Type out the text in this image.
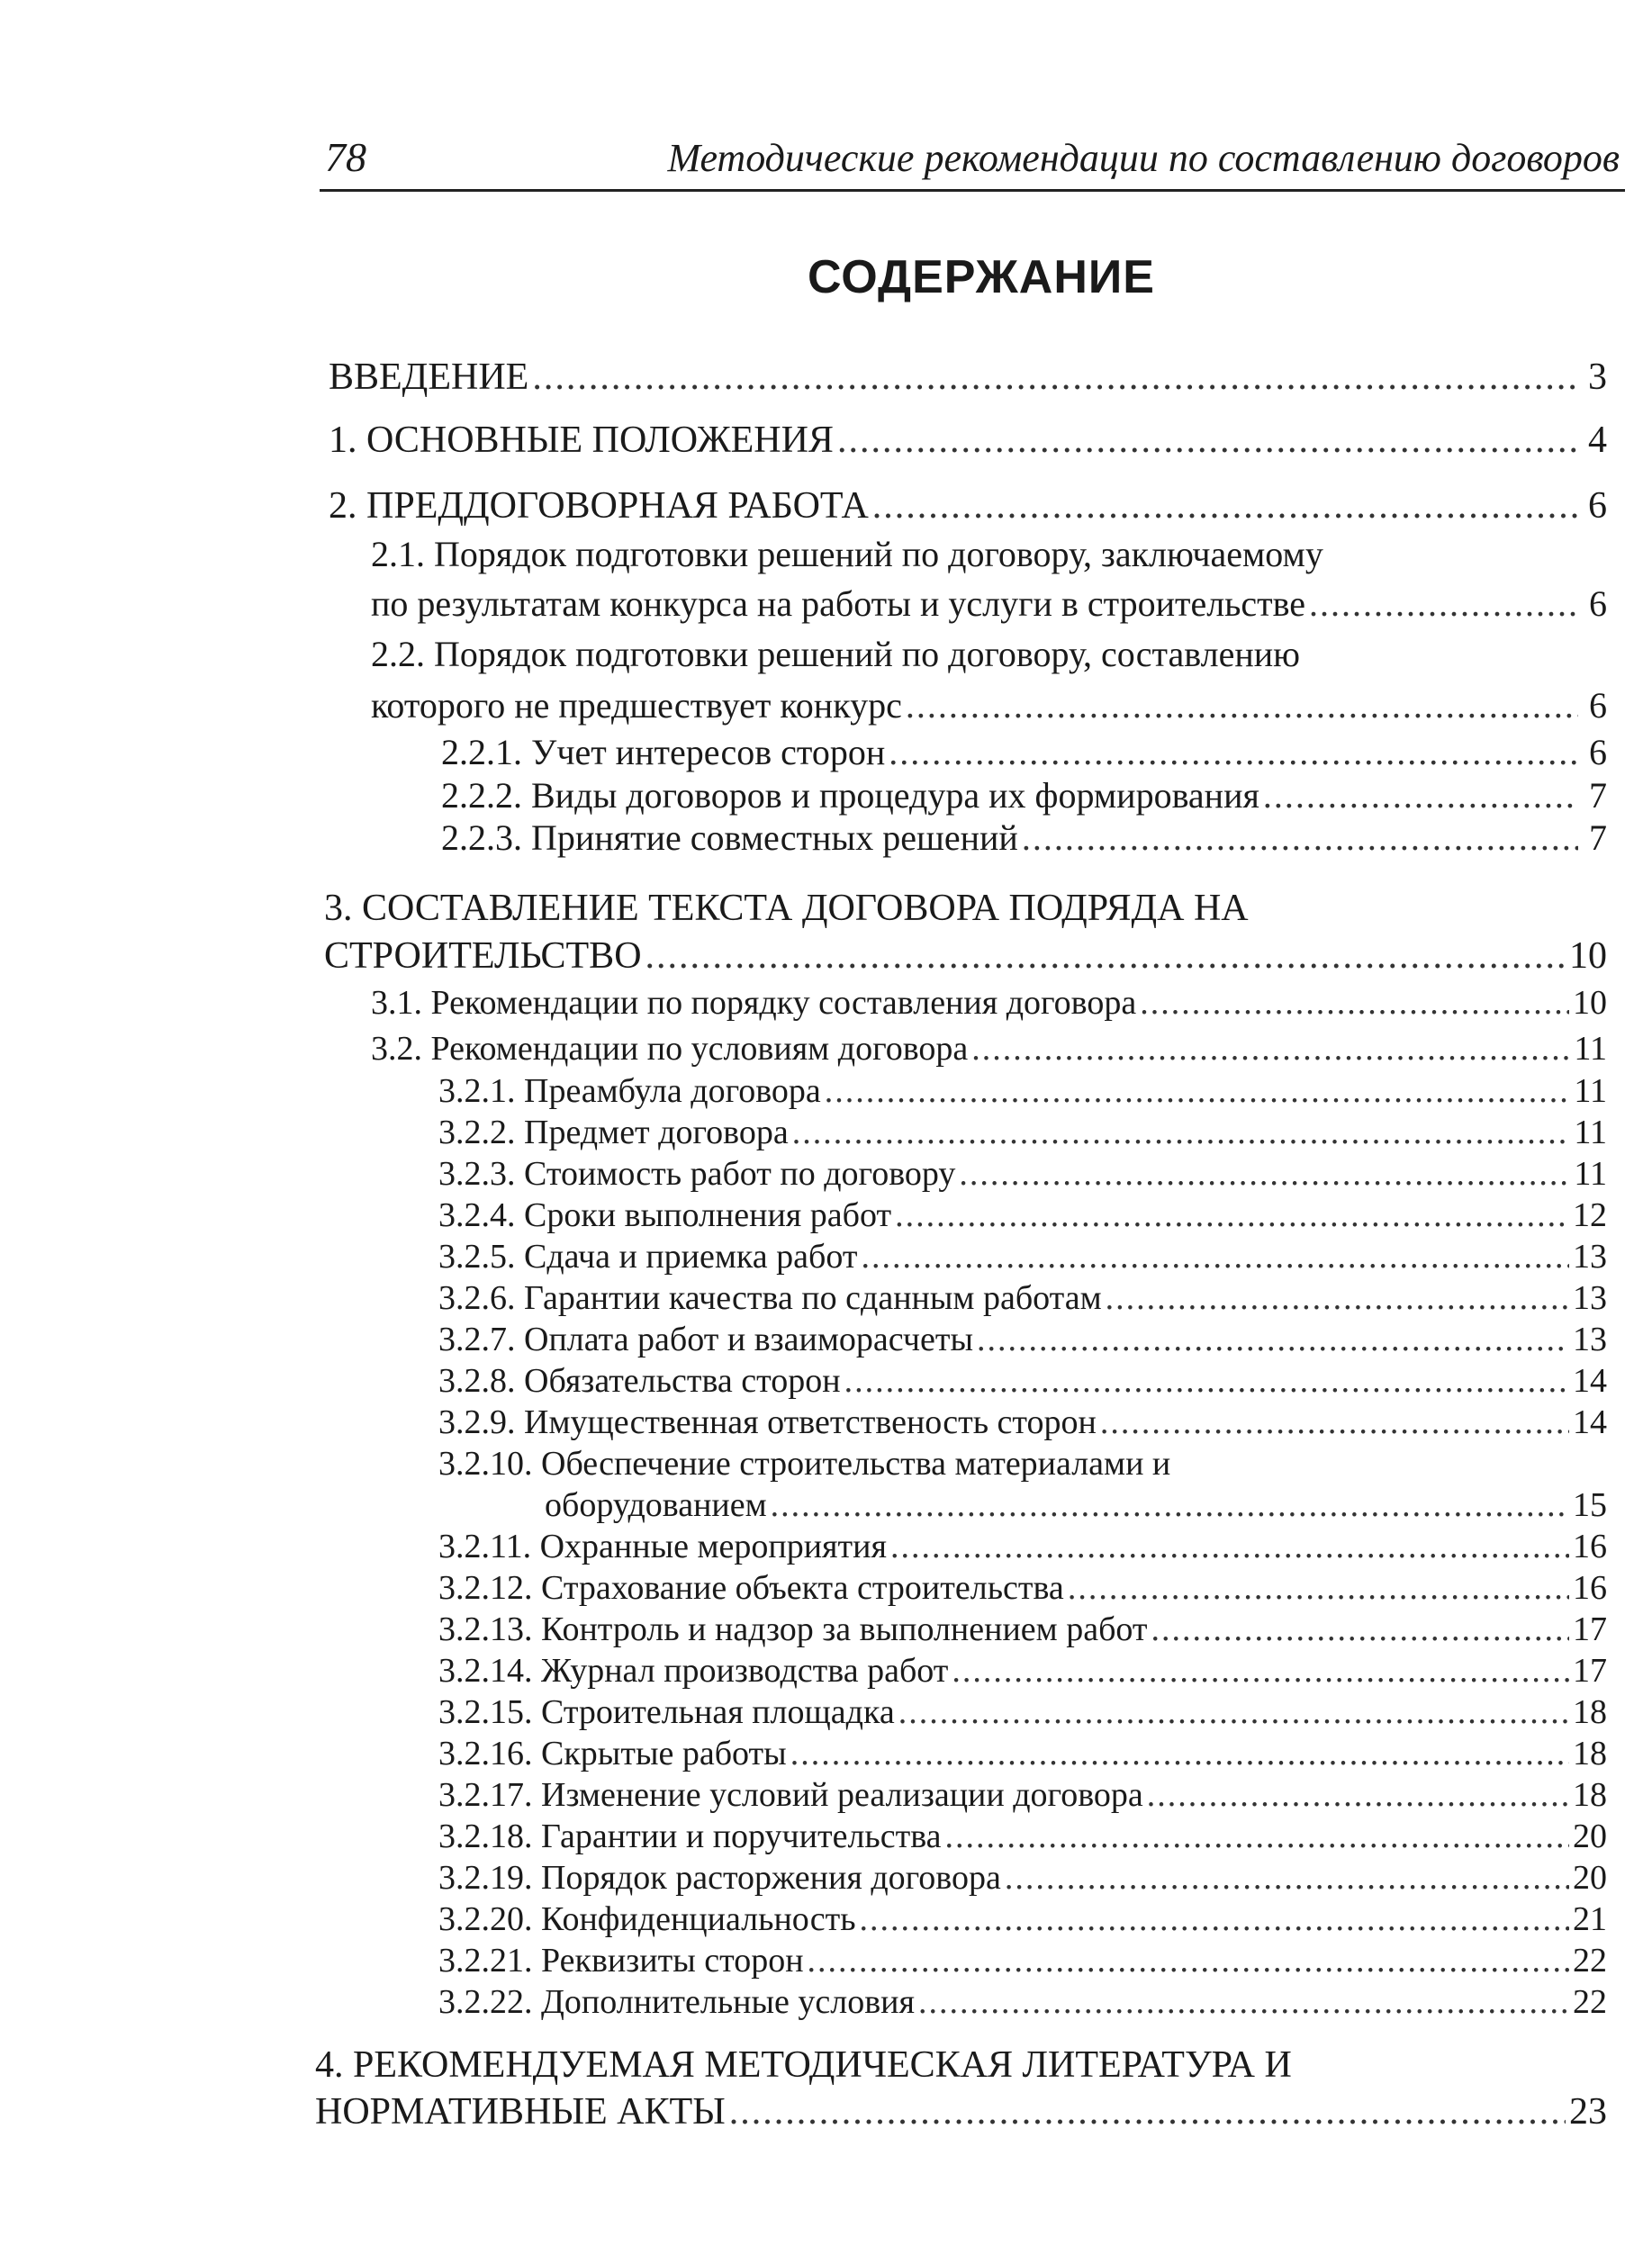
78	Методические рекомендации по составлению договоров
СОДЕРЖАНИЕ
ВВЕДЕНИЕ .....	3
1. ОСНОВНЫЕ ПОЛОЖЕНИЯ .....	4
2. ПРЕДДОГОВОРНАЯ РАБОТА .....	6
2.1. Порядок подготовки решений по договору, заключаемому
по результатам конкурса на работы и услуги в строительстве .....	6
2.2. Порядок подготовки решений по договору, составлению
которого не предшествует конкурс .....	6
2.2.1. Учет интересов сторон .....	6
2.2.2. Виды договоров и процедура их формирования .....	7
2.2.3. Принятие совместных решений .....	7
3. СОСТАВЛЕНИЕ ТЕКСТА ДОГОВОРА ПОДРЯДА НА
СТРОИТЕЛЬСТВО .....	10
3.1. Рекомендации по порядку составления договора .....	10
3.2. Рекомендации по условиям договора .....	11
3.2.1. Преамбула договора .....	11
3.2.2. Предмет договора .....	11
3.2.3. Стоимость работ по договору .....	11
3.2.4. Сроки выполнения работ .....	12
3.2.5. Сдача и приемка работ .....	13
3.2.6. Гарантии качества по сданным работам .....	13
3.2.7. Оплата работ и взаиморасчеты .....	13
3.2.8. Обязательства сторон .....	14
3.2.9. Имущественная ответственость сторон .....	14
3.2.10. Обеспечение строительства материалами и
оборудованием .....	15
3.2.11. Охранные мероприятия .....	16
3.2.12. Страхование объекта строительства .....	16
3.2.13. Контроль и надзор за выполнением работ .....	17
3.2.14. Журнал производства работ .....	17
3.2.15. Строительная площадка .....	18
3.2.16. Скрытые работы .....	18
3.2.17. Изменение условий реализации договора .....	18
3.2.18. Гарантии и поручительства .....	20
3.2.19. Порядок расторжения договора .....	20
3.2.20. Конфиденциальность .....	21
3.2.21. Реквизиты сторон .....	22
3.2.22. Дополнительные условия .....	22
4. РЕКОМЕНДУЕМАЯ МЕТОДИЧЕСКАЯ ЛИТЕРАТУРА И
НОРМАТИВНЫЕ АКТЫ .....	23
